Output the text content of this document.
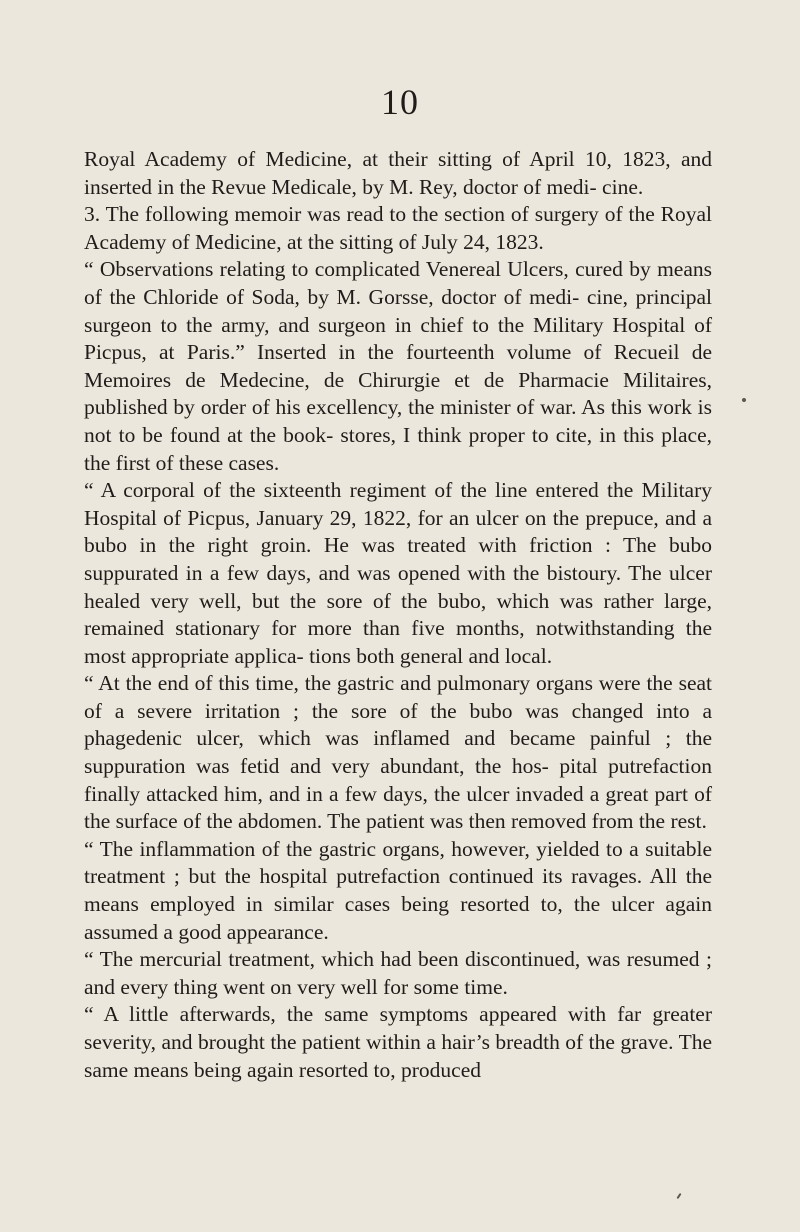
10

Royal Academy of Medicine, at their sitting of April 10, 1823, and inserted in the Revue Medicale, by M. Rey, doctor of medi- cine.

3. The following memoir was read to the section of surgery of the Royal Academy of Medicine, at the sitting of July 24, 1823.

“ Observations relating to complicated Venereal Ulcers, cured by means of the Chloride of Soda, by M. Gorsse, doctor of medi- cine, principal surgeon to the army, and surgeon in chief to the Military Hospital of Picpus, at Paris.” Inserted in the fourteenth volume of Recueil de Memoires de Medecine, de Chirurgie et de Pharmacie Militaires, published by order of his excellency, the minister of war. As this work is not to be found at the book- stores, I think proper to cite, in this place, the first of these cases.

“ A corporal of the sixteenth regiment of the line entered the Military Hospital of Picpus, January 29, 1822, for an ulcer on the prepuce, and a bubo in the right groin. He was treated with friction : The bubo suppurated in a few days, and was opened with the bistoury. The ulcer healed very well, but the sore of the bubo, which was rather large, remained stationary for more than five months, notwithstanding the most appropriate applica- tions both general and local.

“ At the end of this time, the gastric and pulmonary organs were the seat of a severe irritation ; the sore of the bubo was changed into a phagedenic ulcer, which was inflamed and became painful ; the suppuration was fetid and very abundant, the hos- pital putrefaction finally attacked him, and in a few days, the ulcer invaded a great part of the surface of the abdomen. The patient was then removed from the rest.

“ The inflammation of the gastric organs, however, yielded to a suitable treatment ; but the hospital putrefaction continued its ravages. All the means employed in similar cases being resorted to, the ulcer again assumed a good appearance.

“ The mercurial treatment, which had been discontinued, was resumed ; and every thing went on very well for some time.

“ A little afterwards, the same symptoms appeared with far greater severity, and brought the patient within a hair’s breadth of the grave. The same means being again resorted to, produced
